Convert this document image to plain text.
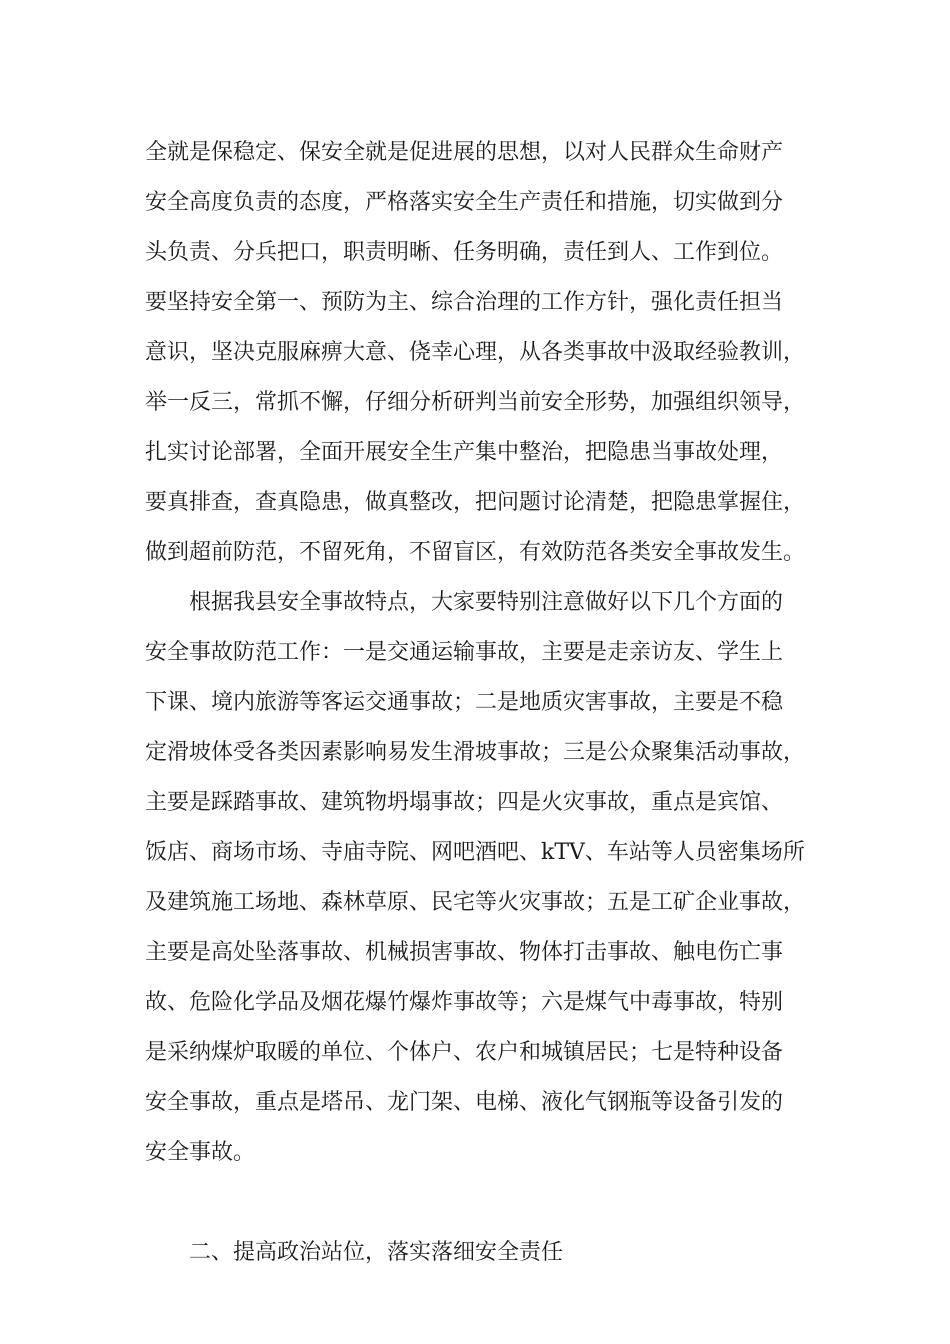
全就是保稳定、保安全就是促进展的思想，以对人民群众生命财产
安全高度负责的态度，严格落实安全生产责任和措施，切实做到分
头负责、分兵把口，职责明晰、任务明确，责任到人、工作到位。
要坚持安全第一、预防为主、综合治理的工作方针，强化责任担当
意识，坚决克服麻痹大意、侥幸心理，从各类事故中汲取经验教训，
举一反三，常抓不懈，仔细分析研判当前安全形势，加强组织领导，
扎实讨论部署，全面开展安全生产集中整治，把隐患当事故处理，
要真排查，查真隐患，做真整改，把问题讨论清楚，把隐患掌握住，
做到超前防范，不留死角，不留盲区，有效防范各类安全事故发生。
根据我县安全事故特点，大家要特别注意做好以下几个方面的
安全事故防范工作：一是交通运输事故，主要是走亲访友、学生上
下课、境内旅游等客运交通事故；二是地质灾害事故，主要是不稳
定滑坡体受各类因素影响易发生滑坡事故；三是公众聚集活动事故，
主要是踩踏事故、建筑物坍塌事故；四是火灾事故，重点是宾馆、
饭店、商场市场、寺庙寺院、网吧酒吧、kTV、车站等人员密集场所
及建筑施工场地、森林草原、民宅等火灾事故；五是工矿企业事故，
主要是高处坠落事故、机械损害事故、物体打击事故、触电伤亡事
故、危险化学品及烟花爆竹爆炸事故等；六是煤气中毒事故，特别
是采纳煤炉取暖的单位、个体户、农户和城镇居民；七是特种设备
安全事故，重点是塔吊、龙门架、电梯、液化气钢瓶等设备引发的
安全事故。
二、提高政治站位，落实落细安全责任
